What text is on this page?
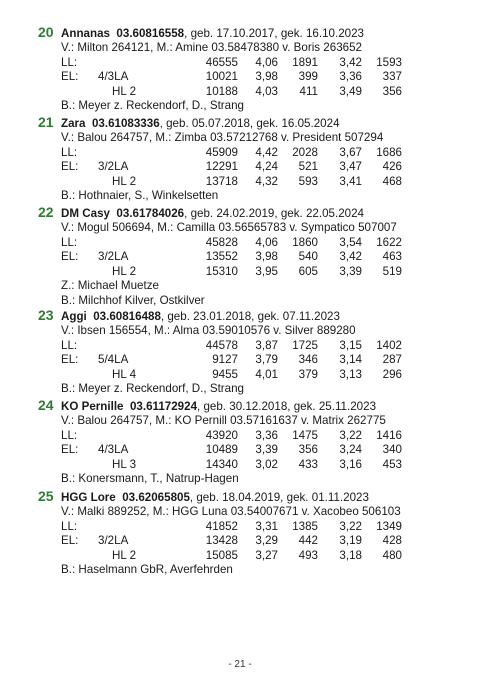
20 Annanas 03.60816558, geb. 17.10.2017, gek. 16.10.2023
V.: Milton 264121, M.: Amine 03.58478380 v. Boris 263652
LL:	46555 4,06 1891 3,42 1593
EL: 4/3LA	10021 3,98 399 3,36 337
HL 2	10188 4,03 411 3,49 356
B.: Meyer z. Reckendorf, D., Strang
21 Zara 03.61083336, geb. 05.07.2018, gek. 16.05.2024
V.: Balou 264757, M.: Zimba 03.57212768 v. President 507294
LL:	45909 4,42 2028 3,67 1686
EL: 3/2LA	12291 4,24 521 3,47 426
HL 2	13718 4,32 593 3,41 468
B.: Hothnaier, S., Winkelsetten
22 DM Casy 03.61784026, geb. 24.02.2019, gek. 22.05.2024
V.: Mogul 506694, M.: Camilla 03.56565783 v. Sympatico 507007
LL:	45828 4,06 1860 3,54 1622
EL: 3/2LA	13552 3,98 540 3,42 463
HL 2	15310 3,95 605 3,39 519
Z.: Michael Muetze
B.: Milchhof Kilver, Ostkilver
23 Aggi 03.60816488, geb. 23.01.2018, gek. 07.11.2023
V.: Ibsen 156554, M.: Alma 03.59010576 v. Silver 889280
LL:	44578 3,87 1725 3,15 1402
EL: 5/4LA	9127 3,79 346 3,14 287
HL 4	9455 4,01 379 3,13 296
B.: Meyer z. Reckendorf, D., Strang
24 KO Pernille 03.61172924, geb. 30.12.2018, gek. 25.11.2023
V.: Balou 264757, M.: KO Pernill 03.57161637 v. Matrix 262775
LL:	43920 3,36 1475 3,22 1416
EL: 4/3LA	10489 3,39 356 3,24 340
HL 3	14340 3,02 433 3,16 453
B.: Konersmann, T., Natrup-Hagen
25 HGG Lore 03.62065805, geb. 18.04.2019, gek. 01.11.2023
V.: Malki 889252, M.: HGG Luna 03.54007671 v. Xacobeo 506103
LL:	41852 3,31 1385 3,22 1349
EL: 3/2LA	13428 3,29 442 3,19 428
HL 2	15085 3,27 493 3,18 480
B.: Haselmann GbR, Averfehrden
- 21 -
